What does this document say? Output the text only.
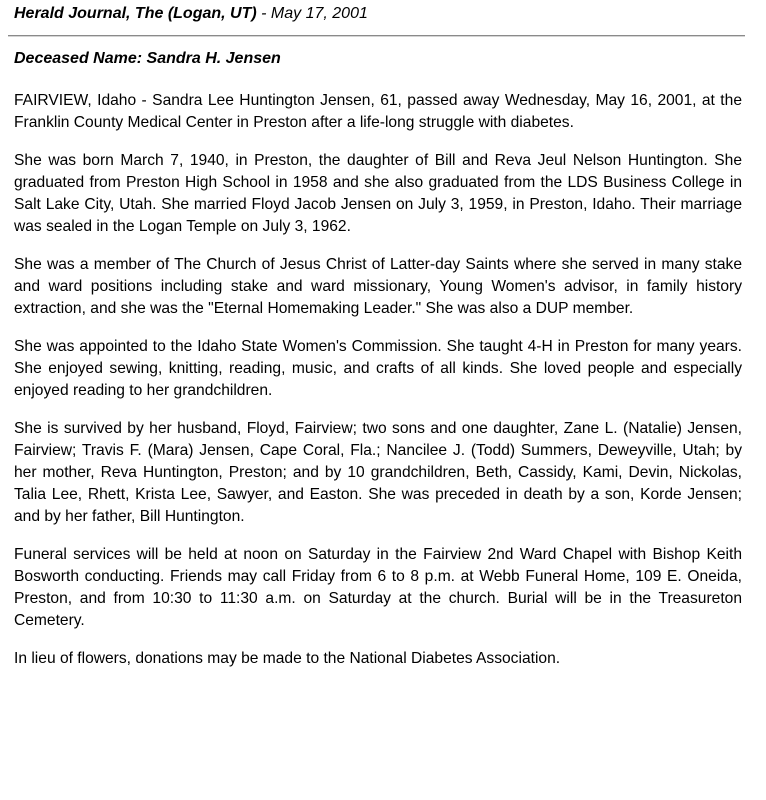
Herald Journal, The (Logan, UT) - May 17, 2001
Deceased Name: Sandra H. Jensen

FAIRVIEW, Idaho - Sandra Lee Huntington Jensen, 61, passed away Wednesday, May 16, 2001, at the Franklin County Medical Center in Preston after a life-long struggle with diabetes.

She was born March 7, 1940, in Preston, the daughter of Bill and Reva Jeul Nelson Huntington. She graduated from Preston High School in 1958 and she also graduated from the LDS Business College in Salt Lake City, Utah. She married Floyd Jacob Jensen on July 3, 1959, in Preston, Idaho. Their marriage was sealed in the Logan Temple on July 3, 1962.

She was a member of The Church of Jesus Christ of Latter-day Saints where she served in many stake and ward positions including stake and ward missionary, Young Women's advisor, in family history extraction, and she was the "Eternal Homemaking Leader." She was also a DUP member.

She was appointed to the Idaho State Women's Commission. She taught 4-H in Preston for many years. She enjoyed sewing, knitting, reading, music, and crafts of all kinds. She loved people and especially enjoyed reading to her grandchildren.

She is survived by her husband, Floyd, Fairview; two sons and one daughter, Zane L. (Natalie) Jensen, Fairview; Travis F. (Mara) Jensen, Cape Coral, Fla.; Nancilee J. (Todd) Summers, Deweyville, Utah; by her mother, Reva Huntington, Preston; and by 10 grandchildren, Beth, Cassidy, Kami, Devin, Nickolas, Talia Lee, Rhett, Krista Lee, Sawyer, and Easton. She was preceded in death by a son, Korde Jensen; and by her father, Bill Huntington.

Funeral services will be held at noon on Saturday in the Fairview 2nd Ward Chapel with Bishop Keith Bosworth conducting. Friends may call Friday from 6 to 8 p.m. at Webb Funeral Home, 109 E. Oneida, Preston, and from 10:30 to 11:30 a.m. on Saturday at the church. Burial will be in the Treasureton Cemetery.

In lieu of flowers, donations may be made to the National Diabetes Association.
